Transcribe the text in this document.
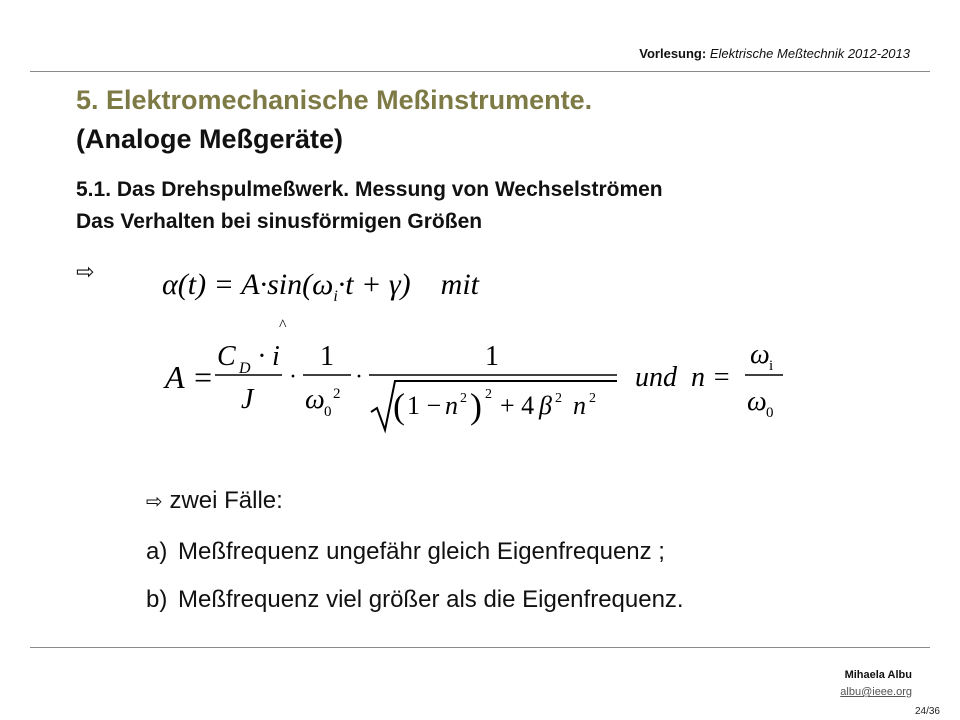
Vorlesung: Elektrische Meßtechnik 2012-2013
5. Elektromechanische Meßinstrumente.
(Analoge Meßgeräte)
5.1. Das Drehspulmeßwerk. Messung von Wechselströmen
Das Verhalten bei sinusförmigen Größen
⇨ $\alpha(t) = A\cdot\sin(\omega_i\cdot t + \gamma)$ mit
^
A =
C D · i
J
·
1
ω 0
2
·
1
( 1 − n 2 ) 2 + 4 β 2 n 2
und  n =
ω i
ω 0
⇨ zwei Fälle:
a) Meßfrequenz ungefähr gleich Eigenfrequenz ;
b) Meßfrequenz viel größer als die Eigenfrequenz.
Mihaela Albu
albu@ieee.org
24/36
